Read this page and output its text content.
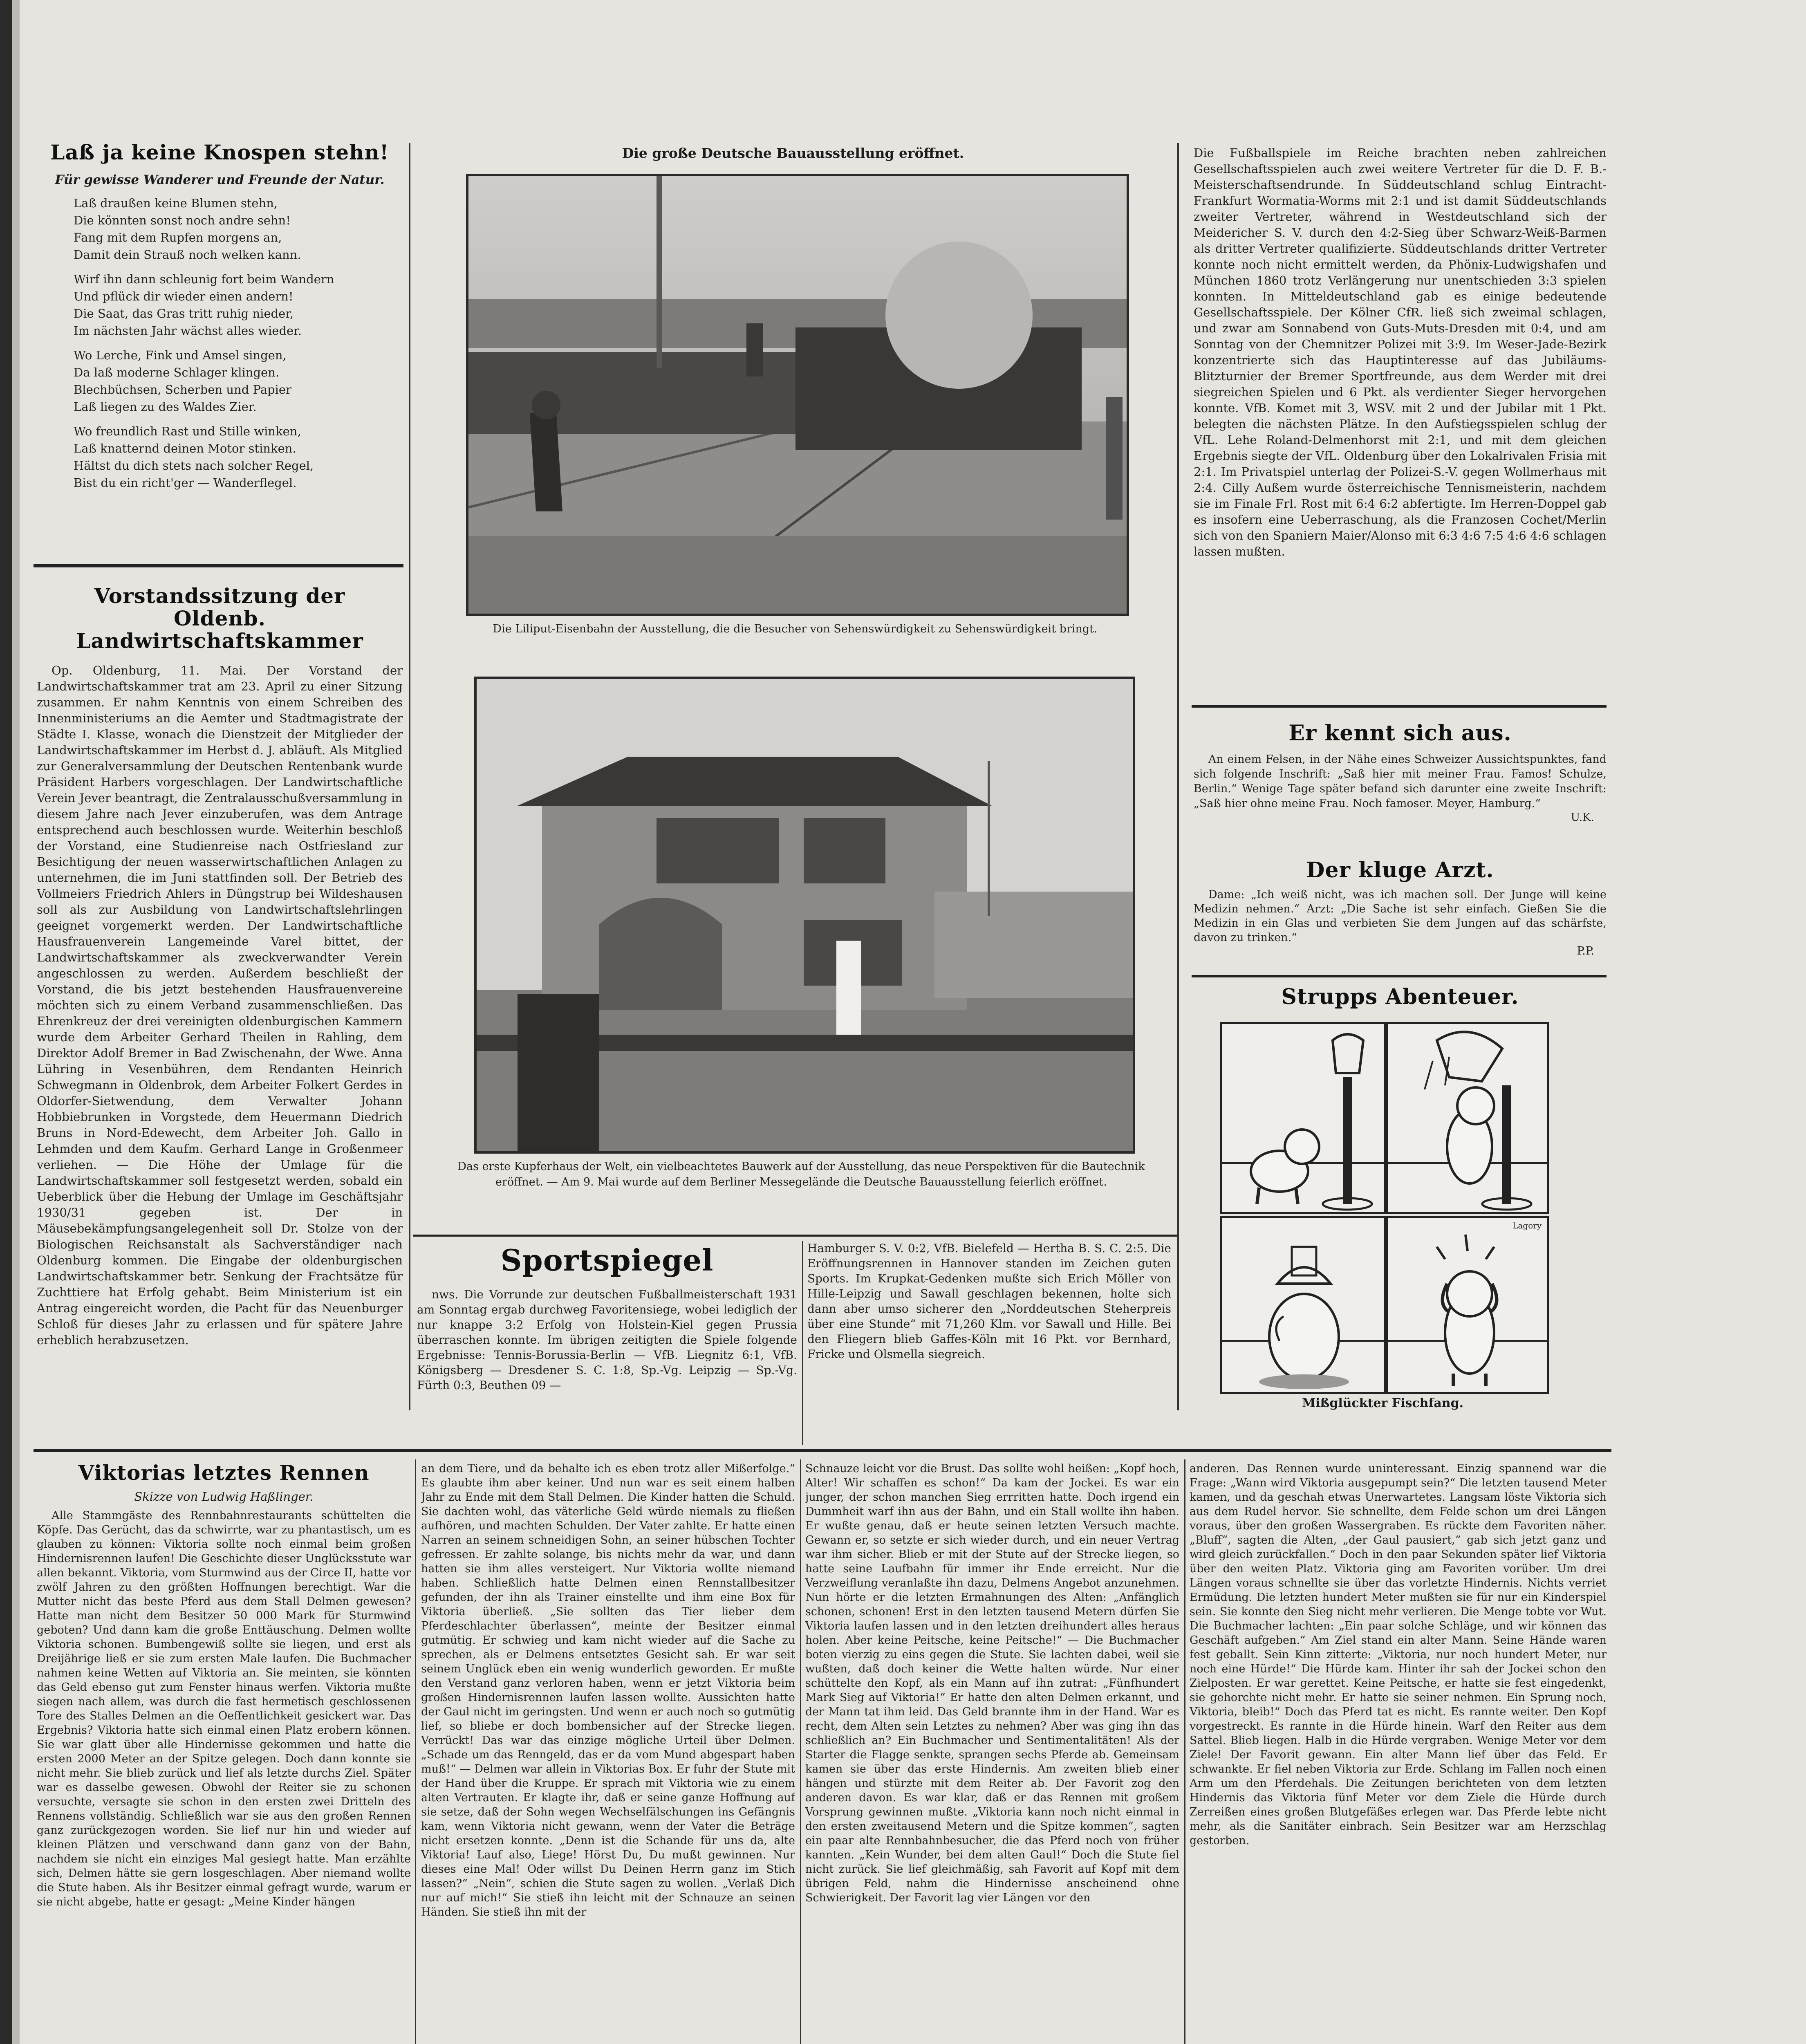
Laß ja keine Knospen stehn!
Für gewisse Wanderer und Freunde der Natur.
Laß draußen keine Blumen stehn,
Die könnten sonst noch andre sehn!
Fang mit dem Rupfen morgens an,
Damit dein Strauß noch welken kann.
Wirf ihn dann schleunig fort beim Wandern
Und pflück dir wieder einen andern!
Die Saat, das Gras tritt ruhig nieder,
Im nächsten Jahr wächst alles wieder.
Wo Lerche, Fink und Amsel singen,
Da laß moderne Schlager klingen.
Blechbüchsen, Scherben und Papier
Laß liegen zu des Waldes Zier.
Wo freundlich Rast und Stille winken,
Laß knatternd deinen Motor stinken.
Hältst du dich stets nach solcher Regel,
Bist du ein richt'ger — Wanderflegel.
Vorstandssitzung der Oldenb. Landwirtschaftskammer

Op. Oldenburg, 11. Mai. Der Vorstand der Landwirtschaftskammer trat am 23. April zu einer Sitzung zusammen. Er nahm Kenntnis von einem Schreiben des Innenministeriums an die Aemter und Stadtmagistrate der Städte I. Klasse, wonach die Dienstzeit der Mitglieder der Landwirtschaftskammer im Herbst d. J. abläuft. Als Mitglied zur Generalversammlung der Deutschen Rentenbank wurde Präsident Harbers vorgeschlagen. Der Landwirtschaftliche Verein Jever beantragt, die Zentralausschußversammlung in diesem Jahre nach Jever einzuberufen, was dem Antrage entsprechend auch beschlossen wurde. Weiterhin beschloß der Vorstand, eine Studienreise nach Ostfriesland zur Besichtigung der neuen wasserwirtschaftlichen Anlagen zu unternehmen, die im Juni stattfinden soll. Der Betrieb des Vollmeiers Friedrich Ahlers in Düngstrup bei Wildeshausen soll als zur Ausbildung von Landwirtschaftslehrlingen geeignet vorgemerkt werden. Der Landwirtschaftliche Hausfrauenverein Langemeinde Varel bittet, der Landwirtschaftskammer als zweckverwandter Verein angeschlossen zu werden. Außerdem beschließt der Vorstand, die bis jetzt bestehenden Hausfrauenvereine möchten sich zu einem Verband zusammenschließen. Das Ehrenkreuz der drei vereinigten oldenburgischen Kammern wurde dem Arbeiter Gerhard Theilen in Rahling, dem Direktor Adolf Bremer in Bad Zwischenahn, der Wwe. Anna Lühring in Vesenbühren, dem Rendanten Heinrich Schwegmann in Oldenbrok, dem Arbeiter Folkert Gerdes in Oldorfer-Sietwendung, dem Verwalter Johann Hobbiebrunken in Vorgstede, dem Heuermann Diedrich Bruns in Nord-Edewecht, dem Arbeiter Joh. Gallo in Lehmden und dem Kaufm. Gerhard Lange in Großenmeer verliehen. — Die Höhe der Umlage für die Landwirtschaftskammer soll festgesetzt werden, sobald ein Ueberblick über die Hebung der Umlage im Geschäftsjahr 1930/31 gegeben ist. Der in Mäusebekämpfungsangelegenheit soll Dr. Stolze von der Biologischen Reichsanstalt als Sachverständiger nach Oldenburg kommen. Die Eingabe der oldenburgischen Landwirtschaftskammer betr. Senkung der Frachtsätze für Zuchttiere hat Erfolg gehabt. Beim Ministerium ist ein Antrag eingereicht worden, die Pacht für das Neuenburger Schloß für dieses Jahr zu erlassen und für spätere Jahre erheblich herabzusetzen.

Die große Deutsche Bauausstellung eröffnet.
Die Liliput-Eisenbahn der Ausstellung, die die Besucher von Sehenswürdigkeit zu Sehenswürdigkeit bringt.
Das erste Kupferhaus der Welt, ein vielbeachtetes Bauwerk auf der Ausstellung, das neue Perspektiven für die Bautechnik eröffnet. — Am 9. Mai wurde auf dem Berliner Messegelände die Deutsche Bauausstellung feierlich eröffnet.

Die Fußballspiele im Reiche brachten neben zahlreichen Gesellschaftsspielen auch zwei weitere Vertreter für die D. F. B.-Meisterschaftsendrunde. In Süddeutschland schlug Eintracht-Frankfurt Wormatia-Worms mit 2:1 und ist damit Süddeutschlands zweiter Vertreter, während in Westdeutschland sich der Meidericher S. V. durch den 4:2-Sieg über Schwarz-Weiß-Barmen als dritter Vertreter qualifizierte. Süddeutschlands dritter Vertreter konnte noch nicht ermittelt werden, da Phönix-Ludwigshafen und München 1860 trotz Verlängerung nur unentschieden 3:3 spielen konnten. In Mitteldeutschland gab es einige bedeutende Gesellschaftsspiele. Der Kölner CfR. ließ sich zweimal schlagen, und zwar am Sonnabend von Guts-Muts-Dresden mit 0:4, und am Sonntag von der Chemnitzer Polizei mit 3:9. Im Weser-Jade-Bezirk konzentrierte sich das Hauptinteresse auf das Jubiläums-Blitzturnier der Bremer Sportfreunde, aus dem Werder mit drei siegreichen Spielen und 6 Pkt. als verdienter Sieger hervorgehen konnte. VfB. Komet mit 3, WSV. mit 2 und der Jubilar mit 1 Pkt. belegten die nächsten Plätze. In den Aufstiegsspielen schlug der VfL. Lehe Roland-Delmenhorst mit 2:1, und mit dem gleichen Ergebnis siegte der VfL. Oldenburg über den Lokalrivalen Frisia mit 2:1. Im Privatspiel unterlag der Polizei-S.-V. gegen Wollmerhaus mit 2:4. Cilly Außem wurde österreichische Tennismeisterin, nachdem sie im Finale Frl. Rost mit 6:4 6:2 abfertigte. Im Herren-Doppel gab es insofern eine Ueberraschung, als die Franzosen Cochet/Merlin sich von den Spaniern Maier/Alonso mit 6:3 4:6 7:5 4:6 4:6 schlagen lassen mußten.

Er kennt sich aus.

An einem Felsen, in der Nähe eines Schweizer Aussichtspunktes, fand sich folgende Inschrift: „Saß hier mit meiner Frau. Famos! Schulze, Berlin.“ Wenige Tage später befand sich darunter eine zweite Inschrift: „Saß hier ohne meine Frau. Noch famoser. Meyer, Hamburg.“

U.K.
Der kluge Arzt.

Dame: „Ich weiß nicht, was ich machen soll. Der Junge will keine Medizin nehmen.“ Arzt: „Die Sache ist sehr einfach. Gießen Sie die Medizin in ein Glas und verbieten Sie dem Jungen auf das schärfste, davon zu trinken.“

P.P.
Strupps Abenteuer.
Lagory
Mißglückter Fischfang.
Sportspiegel

nws. Die Vorrunde zur deutschen Fußballmeisterschaft 1931 am Sonntag ergab durchweg Favoritensiege, wobei lediglich der nur knappe 3:2 Erfolg von Holstein-Kiel gegen Prussia überraschen konnte. Im übrigen zeitigten die Spiele folgende Ergebnisse: Tennis-Borussia-Berlin — VfB. Liegnitz 6:1, VfB. Königsberg — Dresdener S. C. 1:8, Sp.-Vg. Leipzig — Sp.-Vg. Fürth 0:3, Beuthen 09 —

Hamburger S. V. 0:2, VfB. Bielefeld — Hertha B. S. C. 2:5. Die Eröffnungsrennen in Hannover standen im Zeichen guten Sports. Im Krupkat-Gedenken mußte sich Erich Möller von Hille-Leipzig und Sawall geschlagen bekennen, holte sich dann aber umso sicherer den „Norddeutschen Steherpreis über eine Stunde“ mit 71,260 Klm. vor Sawall und Hille. Bei den Fliegern blieb Gaffes-Köln mit 16 Pkt. vor Bernhard, Fricke und Olsmella siegreich.

Viktorias letztes Rennen
Skizze von Ludwig Haßlinger.

Alle Stammgäste des Rennbahnrestaurants schüttelten die Köpfe. Das Gerücht, das da schwirrte, war zu phantastisch, um es glauben zu können: Viktoria sollte noch einmal beim großen Hindernisrennen laufen! Die Geschichte dieser Unglücksstute war allen bekannt. Viktoria, vom Sturmwind aus der Circe II, hatte vor zwölf Jahren zu den größten Hoffnungen berechtigt. War die Mutter nicht das beste Pferd aus dem Stall Delmen gewesen? Hatte man nicht dem Besitzer 50 000 Mark für Sturmwind geboten? Und dann kam die große Enttäuschung. Delmen wollte Viktoria schonen. Bumbengewiß sollte sie liegen, und erst als Dreijährige ließ er sie zum ersten Male laufen. Die Buchmacher nahmen keine Wetten auf Viktoria an. Sie meinten, sie könnten das Geld ebenso gut zum Fenster hinaus werfen. Viktoria mußte siegen nach allem, was durch die fast hermetisch geschlossenen Tore des Stalles Delmen an die Oeffentlichkeit gesickert war. Das Ergebnis? Viktoria hatte sich einmal einen Platz erobern können. Sie war glatt über alle Hindernisse gekommen und hatte die ersten 2000 Meter an der Spitze gelegen. Doch dann konnte sie nicht mehr. Sie blieb zurück und lief als letzte durchs Ziel. Später war es dasselbe gewesen. Obwohl der Reiter sie zu schonen versuchte, versagte sie schon in den ersten zwei Dritteln des Rennens vollständig. Schließlich war sie aus den großen Rennen ganz zurückgezogen worden. Sie lief nur hin und wieder auf kleinen Plätzen und verschwand dann ganz von der Bahn, nachdem sie nicht ein einziges Mal gesiegt hatte. Man erzählte sich, Delmen hätte sie gern losgeschlagen. Aber niemand wollte die Stute haben. Als ihr Besitzer einmal gefragt wurde, warum er sie nicht abgebe, hatte er gesagt: „Meine Kinder hängen

an dem Tiere, und da behalte ich es eben trotz aller Mißerfolge.“ Es glaubte ihm aber keiner. Und nun war es seit einem halben Jahr zu Ende mit dem Stall Delmen. Die Kinder hatten die Schuld. Sie dachten wohl, das väterliche Geld würde niemals zu fließen aufhören, und machten Schulden. Der Vater zahlte. Er hatte einen Narren an seinem schneidigen Sohn, an seiner hübschen Tochter gefressen. Er zahlte solange, bis nichts mehr da war, und dann hatten sie ihm alles versteigert. Nur Viktoria wollte niemand haben. Schließlich hatte Delmen einen Rennstallbesitzer gefunden, der ihn als Trainer einstellte und ihm eine Box für Viktoria überließ. „Sie sollten das Tier lieber dem Pferdeschlachter überlassen“, meinte der Besitzer einmal gutmütig. Er schwieg und kam nicht wieder auf die Sache zu sprechen, als er Delmens entsetztes Gesicht sah. Er war seit seinem Unglück eben ein wenig wunderlich geworden. Er mußte den Verstand ganz verloren haben, wenn er jetzt Viktoria beim großen Hindernisrennen laufen lassen wollte. Aussichten hatte der Gaul nicht im geringsten. Und wenn er auch noch so gutmütig lief, so bliebe er doch bombensicher auf der Strecke liegen. Verrückt! Das war das einzige mögliche Urteil über Delmen. „Schade um das Renngeld, das er da vom Mund abgespart haben muß!“ — Delmen war allein in Viktorias Box. Er fuhr der Stute mit der Hand über die Kruppe. Er sprach mit Viktoria wie zu einem alten Vertrauten. Er klagte ihr, daß er seine ganze Hoffnung auf sie setze, daß der Sohn wegen Wechselfälschungen ins Gefängnis kam, wenn Viktoria nicht gewann, wenn der Vater die Beträge nicht ersetzen konnte. „Denn ist die Schande für uns da, alte Viktoria! Lauf also, Liege! Hörst Du, Du mußt gewinnen. Nur dieses eine Mal! Oder willst Du Deinen Herrn ganz im Stich lassen?“ „Nein“, schien die Stute sagen zu wollen. „Verlaß Dich nur auf mich!“ Sie stieß ihn leicht mit der Schnauze an seinen Händen. Sie stieß ihn mit der

Schnauze leicht vor die Brust. Das sollte wohl heißen: „Kopf hoch, Alter! Wir schaffen es schon!“ Da kam der Jockei. Es war ein junger, der schon manchen Sieg errritten hatte. Doch irgend ein Dummheit warf ihn aus der Bahn, und ein Stall wollte ihn haben. Er wußte genau, daß er heute seinen letzten Versuch machte. Gewann er, so setzte er sich wieder durch, und ein neuer Vertrag war ihm sicher. Blieb er mit der Stute auf der Strecke liegen, so hatte seine Laufbahn für immer ihr Ende erreicht. Nur die Verzweiflung veranlaßte ihn dazu, Delmens Angebot anzunehmen. Nun hörte er die letzten Ermahnungen des Alten: „Anfänglich schonen, schonen! Erst in den letzten tausend Metern dürfen Sie Viktoria laufen lassen und in den letzten dreihundert alles heraus holen. Aber keine Peitsche, keine Peitsche!“ — Die Buchmacher boten vierzig zu eins gegen die Stute. Sie lachten dabei, weil sie wußten, daß doch keiner die Wette halten würde. Nur einer schüttelte den Kopf, als ein Mann auf ihn zutrat: „Fünfhundert Mark Sieg auf Viktoria!“ Er hatte den alten Delmen erkannt, und der Mann tat ihm leid. Das Geld brannte ihm in der Hand. War es recht, dem Alten sein Letztes zu nehmen? Aber was ging ihn das schließlich an? Ein Buchmacher und Sentimentalitäten! Als der Starter die Flagge senkte, sprangen sechs Pferde ab. Gemeinsam kamen sie über das erste Hindernis. Am zweiten blieb einer hängen und stürzte mit dem Reiter ab. Der Favorit zog den anderen davon. Es war klar, daß er das Rennen mit großem Vorsprung gewinnen mußte. „Viktoria kann noch nicht einmal in den ersten zweitausend Metern und die Spitze kommen“, sagten ein paar alte Rennbahnbesucher, die das Pferd noch von früher kannten. „Kein Wunder, bei dem alten Gaul!“ Doch die Stute fiel nicht zurück. Sie lief gleichmäßig, sah Favorit auf Kopf mit dem übrigen Feld, nahm die Hindernisse anscheinend ohne Schwierigkeit. Der Favorit lag vier Längen vor den

anderen. Das Rennen wurde uninteressant. Einzig spannend war die Frage: „Wann wird Viktoria ausgepumpt sein?“ Die letzten tausend Meter kamen, und da geschah etwas Unerwartetes. Langsam löste Viktoria sich aus dem Rudel hervor. Sie schnellte, dem Felde schon um drei Längen voraus, über den großen Wassergraben. Es rückte dem Favoriten näher. „Bluff“, sagten die Alten, „der Gaul pausiert,“ gab sich jetzt ganz und wird gleich zurückfallen.“ Doch in den paar Sekunden später lief Viktoria über den weiten Platz. Viktoria ging am Favoriten vorüber. Um drei Längen voraus schnellte sie über das vorletzte Hindernis. Nichts verriet Ermüdung. Die letzten hundert Meter mußten sie für nur ein Kinderspiel sein. Sie konnte den Sieg nicht mehr verlieren. Die Menge tobte vor Wut. Die Buchmacher lachten: „Ein paar solche Schläge, und wir können das Geschäft aufgeben.“ Am Ziel stand ein alter Mann. Seine Hände waren fest geballt. Sein Kinn zitterte: „Viktoria, nur noch hundert Meter, nur noch eine Hürde!“ Die Hürde kam. Hinter ihr sah der Jockei schon den Zielposten. Er war gerettet. Keine Peitsche, er hatte sie fest eingedenkt, sie gehorchte nicht mehr. Er hatte sie seiner nehmen. Ein Sprung noch, Viktoria, bleib!“ Doch das Pferd tat es nicht. Es rannte weiter. Den Kopf vorgestreckt. Es rannte in die Hürde hinein. Warf den Reiter aus dem Sattel. Blieb liegen. Halb in die Hürde vergraben. Wenige Meter vor dem Ziele! Der Favorit gewann. Ein alter Mann lief über das Feld. Er schwankte. Er fiel neben Viktoria zur Erde. Schlang im Fallen noch einen Arm um den Pferdehals. Die Zeitungen berichteten von dem letzten Hindernis das Viktoria fünf Meter vor dem Ziele die Hürde durch Zerreißen eines großen Blutgefäßes erlegen war. Das Pferde lebte nicht mehr, als die Sanitäter einbrach. Sein Besitzer war am Herzschlag gestorben.
